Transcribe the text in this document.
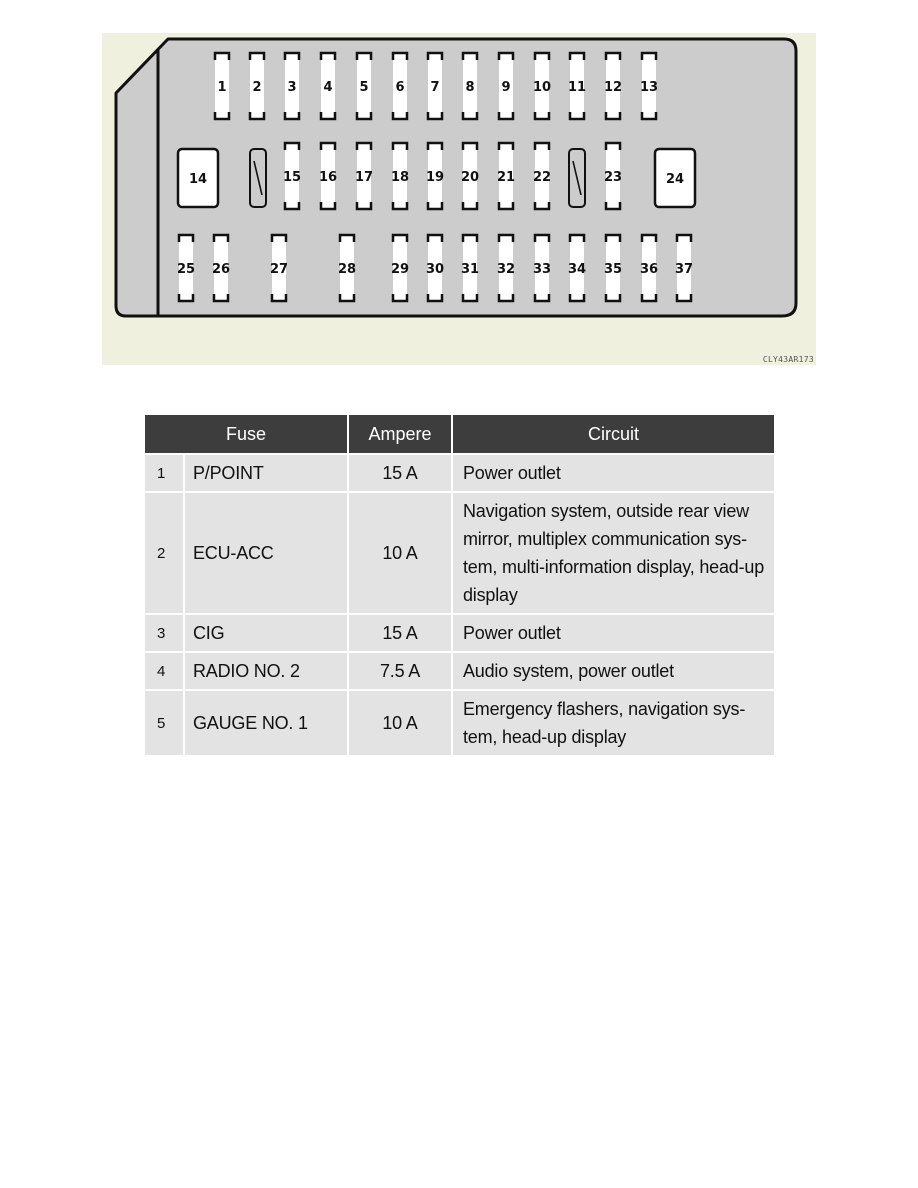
1 2 3 4 5 6 7 8 9 10 11 12 13
14	15 16 17 18 19 20 21 22	23	24
25 26	27	28	29 30 31 32 33 34 35 36 37
CLY43AR173
Fuse		Ampere	Circuit
1	P/POINT	15 A	Power outlet
2	ECU-ACC	10 A	Navigation system, outside rear view mirror, multiplex communication sys-tem, multi-information display, head-up display
3	CIG	15 A	Power outlet
4	RADIO NO. 2	7.5 A	Audio system, power outlet
5	GAUGE NO. 1	10 A	Emergency flashers, navigation sys-tem, head-up display
